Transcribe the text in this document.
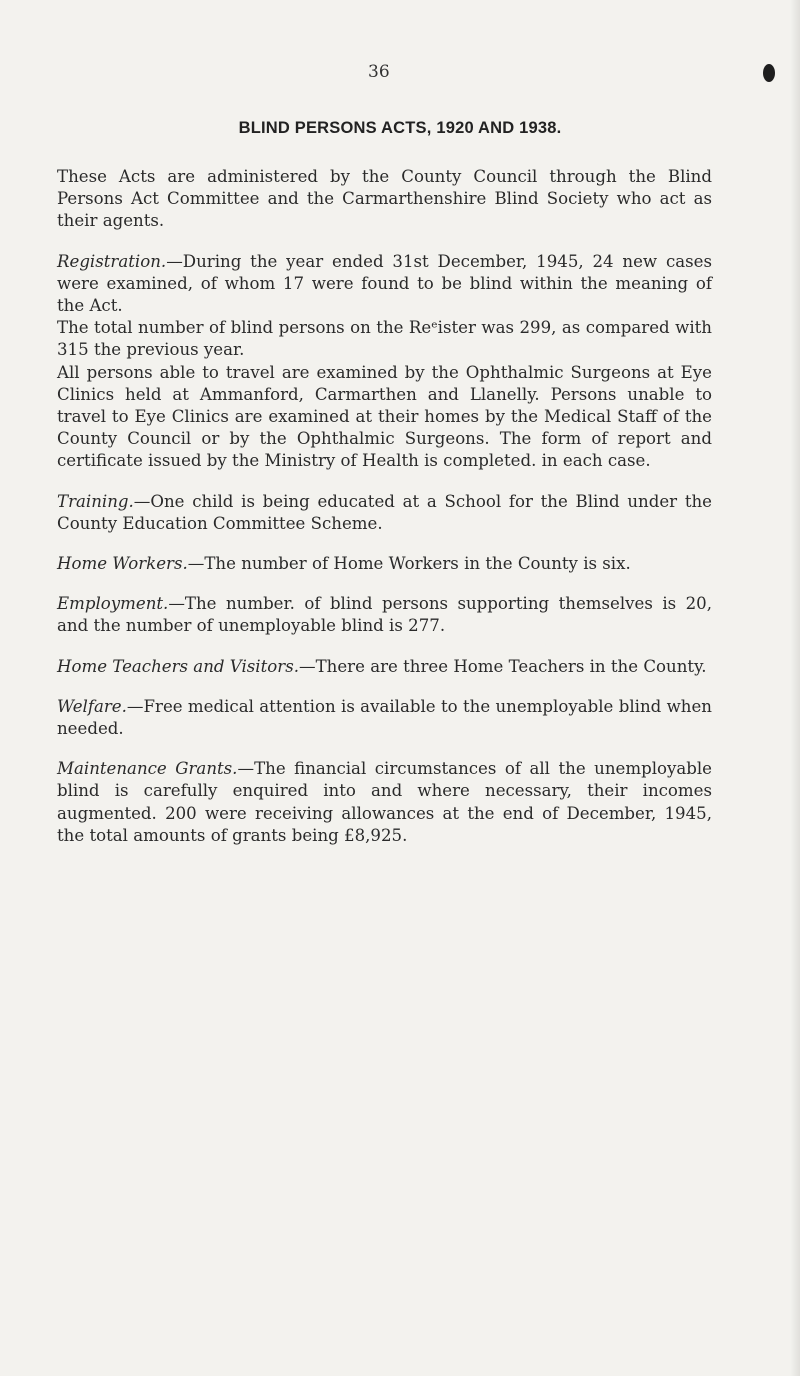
36
BLIND PERSONS ACTS, 1920 AND 1938.

These Acts are administered by the County Council through the Blind Persons Act Committee and the Carmarthenshire Blind Society who act as their agents.

Registration.—During the year ended 31st December, 1945, 24 new cases were examined, of whom 17 were found to be blind within the meaning of the Act.

The total number of blind persons on the Reᵉister was 299, as compared with 315 the previous year.

All persons able to travel are examined by the Ophthalmic Surgeons at Eye Clinics held at Ammanford, Carmarthen and Llanelly. Persons unable to travel to Eye Clinics are examined at their homes by the Medical Staff of the County Council or by the Ophthalmic Surgeons. The form of report and certificate issued by the Ministry of Health is completed. in each case.

Training.—One child is being educated at a School for the Blind under the County Education Committee Scheme.

Home Workers.—The number of Home Workers in the County is six.

Employment.—The number. of blind persons supporting themselves is 20, and the number of unemployable blind is 277.

Home Teachers and Visitors.—There are three Home Teachers in the County.

Welfare.—Free medical attention is available to the unemployable blind when needed.

Maintenance Grants.—The financial circumstances of all the unemployable blind is carefully enquired into and where necessary, their incomes augmented. 200 were receiving allowances at the end of December, 1945, the total amounts of grants being £8,925.
